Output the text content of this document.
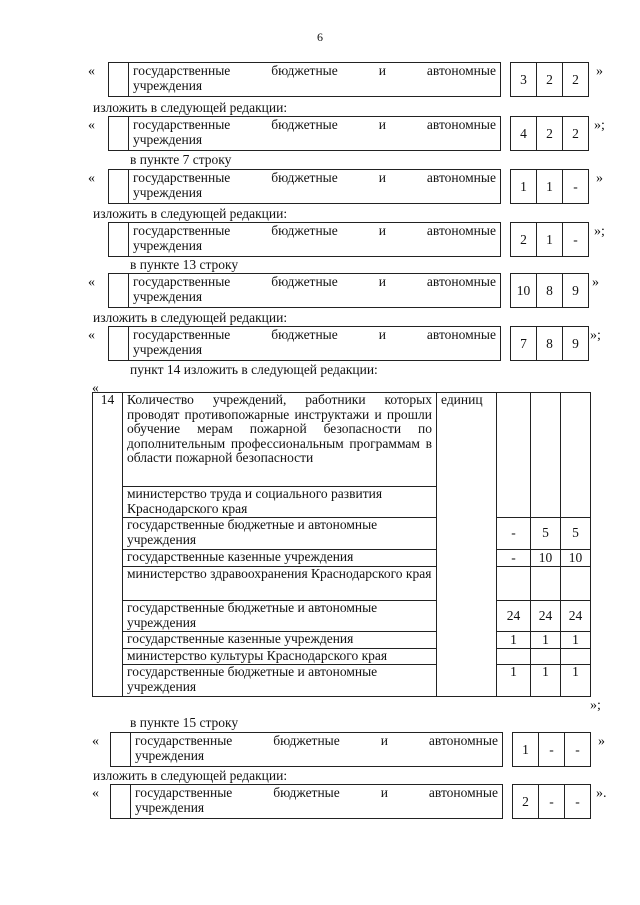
6
«
		государственные	бюджетные	и	автономные
учреждения		3	2	2
»
изложить в следующей редакции:
«
		государственные	бюджетные	и	автономные
учреждения		4	2	2
»;
в пункте 7 строку
«
		государственные	бюджетные	и	автономные
учреждения		1	1	-
»
изложить в следующей редакции:

государственные	бюджетные	и	автономные
учреждения		2	1	-
»;
в пункте 13 строку
«
		государственные	бюджетные	и	автономные
учреждения		10	8	9
»
изложить в следующей редакции:
«
		государственные	бюджетные	и	автономные
учреждения		7	8	9
»;
пункт 14 изложить в следующей редакции:
«
14	Количество учреждений, работники которых проводят противопожарные инструктажи и прошли обучение мерам пожарной безопасности по дополнительным профессиональным программам в области пожарной безопасности	единиц			
	министерство труда и социального развития Краснодарского края				
	государственные бюджетные и автономные учреждения		-	5	5
	государственные казенные учреждения		-	10	10
	министерство здравоохранения Краснодарского края				
	государственные бюджетные и автономные учреждения		24	24	24
	государственные казенные учреждения		1	1	1
	министерство культуры Краснодарского края				
	государственные бюджетные и автономные учреждения		1	1	1
»;
в пункте 15 строку
«
		государственные	бюджетные	и	автономные
учреждения		1	-	-
»
изложить в следующей редакции:
«
		государственные	бюджетные	и	автономные
учреждения		2	-	-
».
